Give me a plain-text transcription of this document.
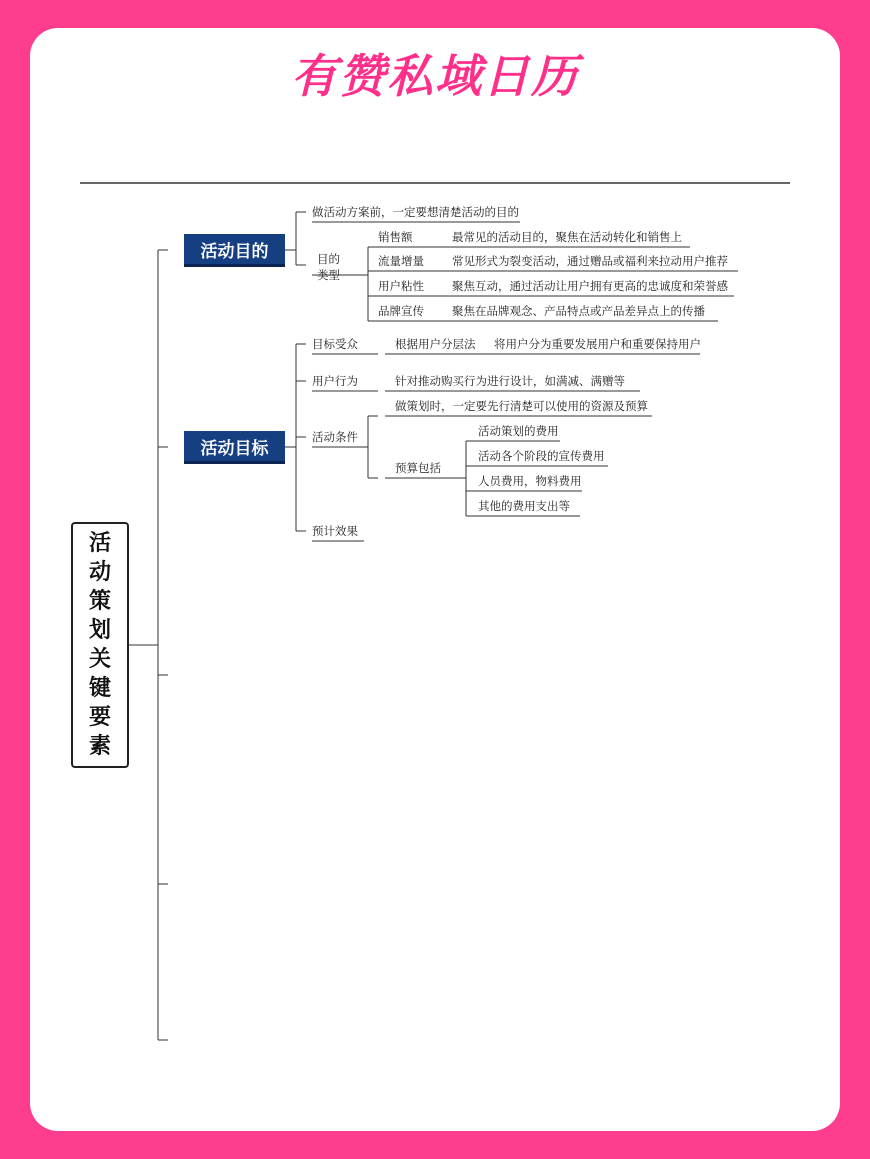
有赞私域日历
活动策划关键要素
活动目的
做活动方案前，一定要想清楚活动的目的
目的
类型
销售额	最常见的活动目的，聚焦在活动转化和销售上
流量增量 常见形式为裂变活动，通过赠品或福利来拉动用户推荐
用户粘性 聚焦互动，通过活动让用户拥有更高的忠诚度和荣誉感
品牌宣传 聚焦在品牌观念、产品特点或产品差异点上的传播
活动目标
目标受众	根据用户分层法 将用户分为重要发展用户和重要保持用户
用户行为	针对推动购买行为进行设计，如满减、满赠等
活动条件
做策划时，一定要先行清楚可以使用的资源及预算
预算包括
活动策划的费用
活动各个阶段的宣传费用
人员费用，物料费用
其他的费用支出等
预计效果
